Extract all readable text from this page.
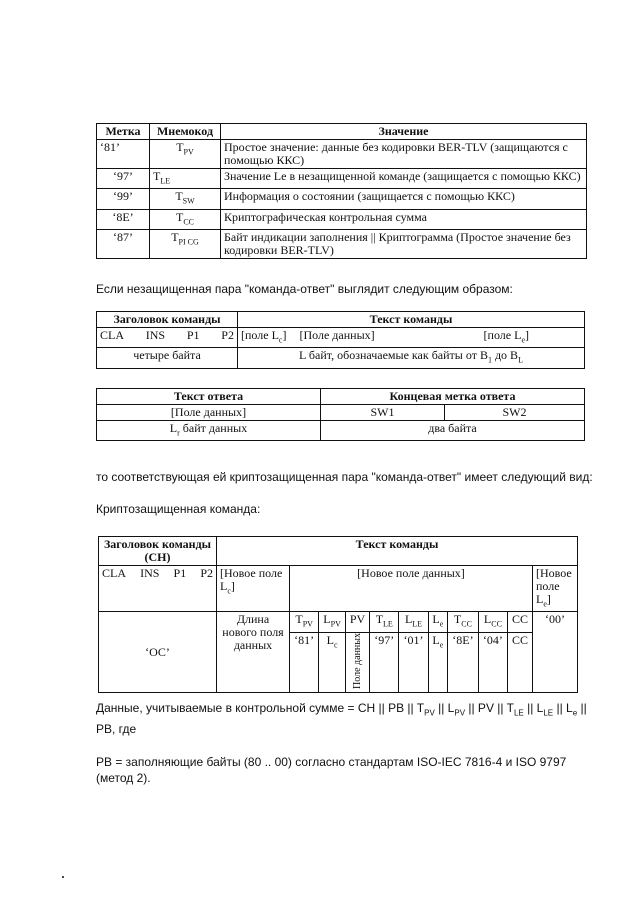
Метка	Мнемокод	Значение
‘81’	$T_{PV}$	Простое значение: данные без кодировки BER-TLV (защищаются с помощью ККС)
‘97’	$T_{LE}$	Значение Le в незащищенной команде (защищается с помощью ККС)
‘99’	$T_{SW}$	Информация о состоянии (защищается с помощью ККС)
‘8E’	$T_{CC}$	Криптографическая контрольная сумма
‘87’	$T_{PI CG}$	Байт индикации заполнения || Криптограмма (Простое значение без кодировки BER-TLV)
Если незащищенная пара "команда-ответ" выглядит следующим образом:
Заголовок команды	Текст команды

CLA INS P1 P2	[поле $L_c$] [Поле данных] [поле $L_e$]

четыре байта	L байт, обозначаемые как байты от $B_1$ до $B_L$
Текст ответа	Концевая метка ответа	
[Поле данных]	SW1	SW2
$L_r$ байт данных	два байта	
то соответствующая ей криптозащищенная пара "команда-ответ" имеет следующий вид:
Криптозащищенная команда:
Заголовок команды (CH)	Текст команды										

CLA INS P1 P2	[Новое поле $L_c$]	[Новое поле данных]									[Новое поле $L_e$]
‘OC’	Длина нового поля данных	$T_{PV}$	$L_{PV}$	PV	$T_{LE}$	$L_{LE}$	$L_e$	$T_{CC}$	$L_{CC}$	CC	‘00’
		‘81’	$L_c$	Поле данных	‘97’	‘01’	$L_e$	‘8E’	‘04’	CC	
Данные, учитываемые в контрольной сумме = CH || PB || $T_{PV}$ || $L_{PV}$ || PV || $T_{LE}$ || $L_{LE}$ || $L_e$ ||
PB, где
PB = заполняющие байты (80 .. 00) согласно стандартам ISO-IEC 7816-4 и ISO 9797
(метод 2).
